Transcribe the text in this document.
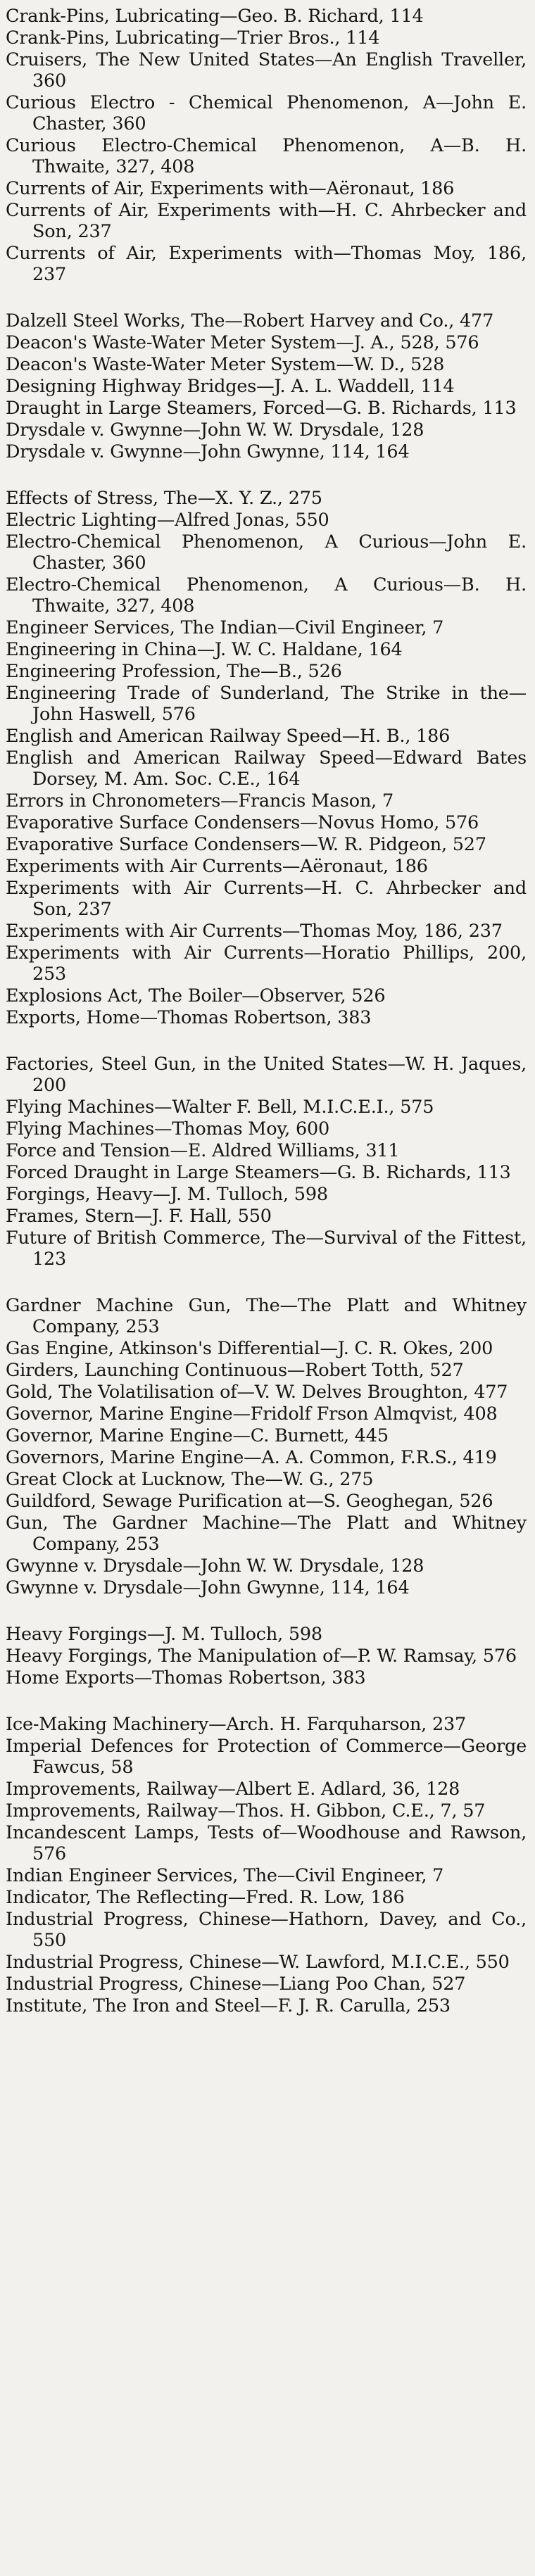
Crank-Pins, Lubricating—Geo. B. Richard, 114

Crank-Pins, Lubricating—Trier Bros., 114

Cruisers, The New United States—An English Traveller, 360

Curious Electro - Chemical Phenomenon, A—John E. Chaster, 360

Curious Electro-Chemical Phenomenon, A—B. H. Thwaite, 327, 408

Currents of Air, Experiments with—Aëronaut, 186

Currents of Air, Experiments with—H. C. Ahrbecker and Son, 237

Currents of Air, Experiments with—Thomas Moy, 186, 237

Dalzell Steel Works, The—Robert Harvey and Co., 477

Deacon's Waste-Water Meter System—J. A., 528, 576

Deacon's Waste-Water Meter System—W. D., 528

Designing Highway Bridges—J. A. L. Waddell, 114

Draught in Large Steamers, Forced—G. B. Richards, 113

Drysdale v. Gwynne—John W. W. Drysdale, 128

Drysdale v. Gwynne—John Gwynne, 114, 164

Effects of Stress, The—X. Y. Z., 275

Electric Lighting—Alfred Jonas, 550

Electro-Chemical Phenomenon, A Curious—John E. Chaster, 360

Electro-Chemical Phenomenon, A Curious—B. H. Thwaite, 327, 408

Engineer Services, The Indian—Civil Engineer, 7

Engineering in China—J. W. C. Haldane, 164

Engineering Profession, The—B., 526

Engineering Trade of Sunderland, The Strike in the—John Haswell, 576

English and American Railway Speed—H. B., 186

English and American Railway Speed—Edward Bates Dorsey, M. Am. Soc. C.E., 164

Errors in Chronometers—Francis Mason, 7

Evaporative Surface Condensers—Novus Homo, 576

Evaporative Surface Condensers—W. R. Pidgeon, 527

Experiments with Air Currents—Aëronaut, 186

Experiments with Air Currents—H. C. Ahrbecker and Son, 237

Experiments with Air Currents—Thomas Moy, 186, 237

Experiments with Air Currents—Horatio Phillips, 200, 253

Explosions Act, The Boiler—Observer, 526

Exports, Home—Thomas Robertson, 383

Factories, Steel Gun, in the United States—W. H. Jaques, 200

Flying Machines—Walter F. Bell, M.I.C.E.I., 575

Flying Machines—Thomas Moy, 600

Force and Tension—E. Aldred Williams, 311

Forced Draught in Large Steamers—G. B. Richards, 113

Forgings, Heavy—J. M. Tulloch, 598

Frames, Stern—J. F. Hall, 550

Future of British Commerce, The—Survival of the Fittest, 123

Gardner Machine Gun, The—The Platt and Whitney Company, 253

Gas Engine, Atkinson's Differential—J. C. R. Okes, 200

Girders, Launching Continuous—Robert Totth, 527

Gold, The Volatilisation of—V. W. Delves Broughton, 477

Governor, Marine Engine—Fridolf Frson Almqvist, 408

Governor, Marine Engine—C. Burnett, 445

Governors, Marine Engine—A. A. Common, F.R.S., 419

Great Clock at Lucknow, The—W. G., 275

Guildford, Sewage Purification at—S. Geoghegan, 526

Gun, The Gardner Machine—The Platt and Whitney Company, 253

Gwynne v. Drysdale—John W. W. Drysdale, 128

Gwynne v. Drysdale—John Gwynne, 114, 164

Heavy Forgings—J. M. Tulloch, 598

Heavy Forgings, The Manipulation of—P. W. Ramsay, 576

Home Exports—Thomas Robertson, 383

Ice-Making Machinery—Arch. H. Farquharson, 237

Imperial Defences for Protection of Commerce—George Fawcus, 58

Improvements, Railway—Albert E. Adlard, 36, 128

Improvements, Railway—Thos. H. Gibbon, C.E., 7, 57

Incandescent Lamps, Tests of—Woodhouse and Rawson, 576

Indian Engineer Services, The—Civil Engineer, 7

Indicator, The Reflecting—Fred. R. Low, 186

Industrial Progress, Chinese—Hathorn, Davey, and Co., 550

Industrial Progress, Chinese—W. Lawford, M.I.C.E., 550

Industrial Progress, Chinese—Liang Poo Chan, 527

Institute, The Iron and Steel—F. J. R. Carulla, 253
